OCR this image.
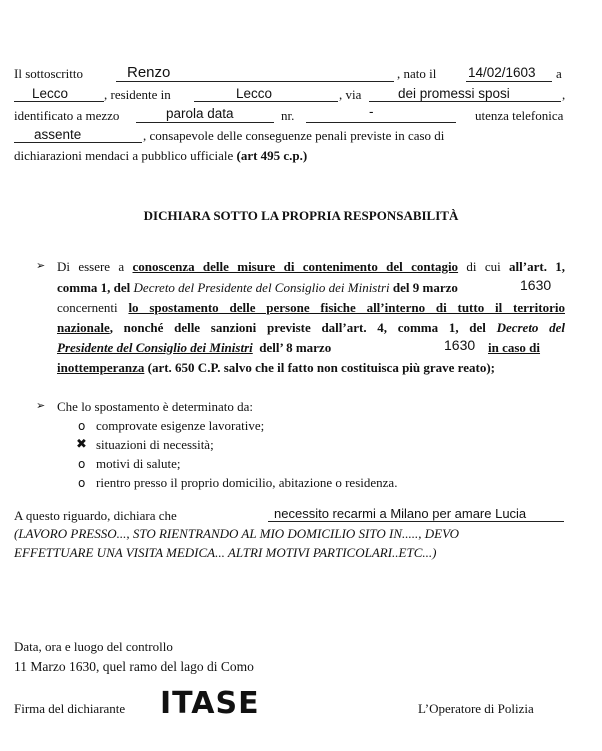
Il sottoscritto	Renzo	, nato il 14/02/1603 a
Lecco	, residente in	Lecco	, via	dei promessi sposi	,
identificato a mezzo	parola data	nr.	-	utenza telefonica
assente	, consapevole delle conseguenze penali previste in caso di
dichiarazioni mendaci a pubblico ufficiale (art 495 c.p.)
DICHIARA SOTTO LA PROPRIA RESPONSABILITÀ
➢ Di essere a conoscenza delle misure di contenimento del contagio di cui all’art. 1,
comma 1, del Decreto del Presidente del Consiglio dei Ministri del 9 marzo	1630
concernenti lo spostamento delle persone fisiche all’interno di tutto il territorio
nazionale, nonché delle sanzioni previste dall’art. 4, comma 1, del Decreto del
Presidente del Consiglio dei Ministri dell’ 8 marzo	1630 in caso di
inottemperanza (art. 650 C.P. salvo che il fatto non costituisca più grave reato);
➢ Che lo spostamento è determinato da:
o comprovate esigenze lavorative;
✖ situazioni di necessità;
o motivi di salute;
o rientro presso il proprio domicilio, abitazione o residenza.
A questo riguardo, dichiara che	necessito recarmi a Milano per amare Lucia
(LAVORO PRESSO..., STO RIENTRANDO AL MIO DOMICILIO SITO IN....., DEVO
EFFETTUARE UNA VISITA MEDICA... ALTRI MOTIVI PARTICOLARI..ETC...)
Data, ora e luogo del controllo
11 Marzo 1630, quel ramo del lago di Como
Firma del dichiarante ITASE	L’Operatore di Polizia
